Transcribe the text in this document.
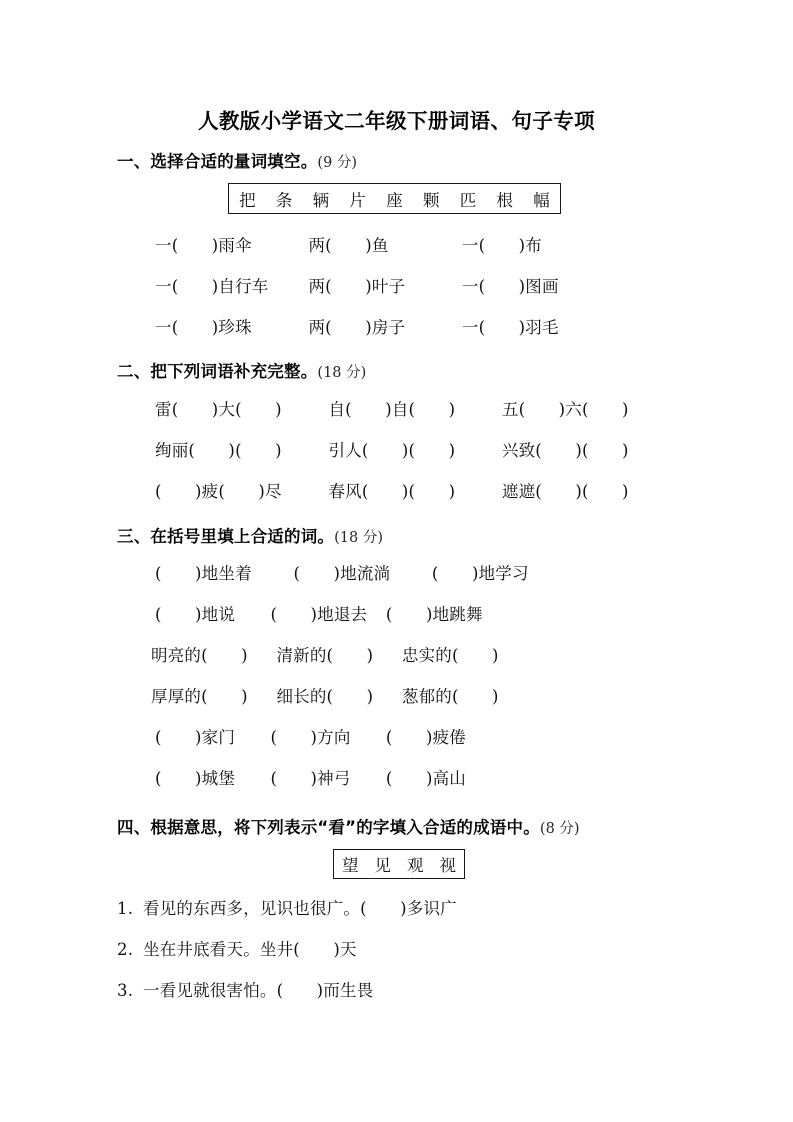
人教版小学语文二年级下册词语、句子专项
一、选择合适的量词填空。(9 分)
把	条	辆	片	座	颗	匹	根	幅
一(　　)雨伞	两(　　)鱼	一(　　)布
一(　　)自行车 两(　　)叶子	一(　　)图画
一(　　)珍珠	两(　　)房子	一(　　)羽毛
二、把下列词语补充完整。(18 分)
雷(　　)大(　　)	自(　　)自(　　)	五(　　)六(　　)
绚丽(　　)(　　)	引人(　　)(　　)	兴致(　　)(　　)
(　　)疲(　　)尽	春风(　　)(　　)	遮遮(　　)(　　)
三、在括号里填上合适的词。(18 分)
(　　)地坐着	(　　)地流淌	(　　)地学习
(　　)地说 (　　)地退去 (　　)地跳舞
明亮的(　　) 清新的(　　) 忠实的(　　)
厚厚的(　　) 细长的(　　) 葱郁的(　　)
(　　)家门 (　　)方向 (　　)疲倦
(　　)城堡 (　　)神弓 (　　)高山
四、根据意思，将下列表示“看”的字填入合适的成语中。(8 分)
望 见 观 视
1. 看见的东西多，见识也很广。(　　)多识广
2. 坐在井底看天。坐井(　　)天
3. 一看见就很害怕。(　　)而生畏
